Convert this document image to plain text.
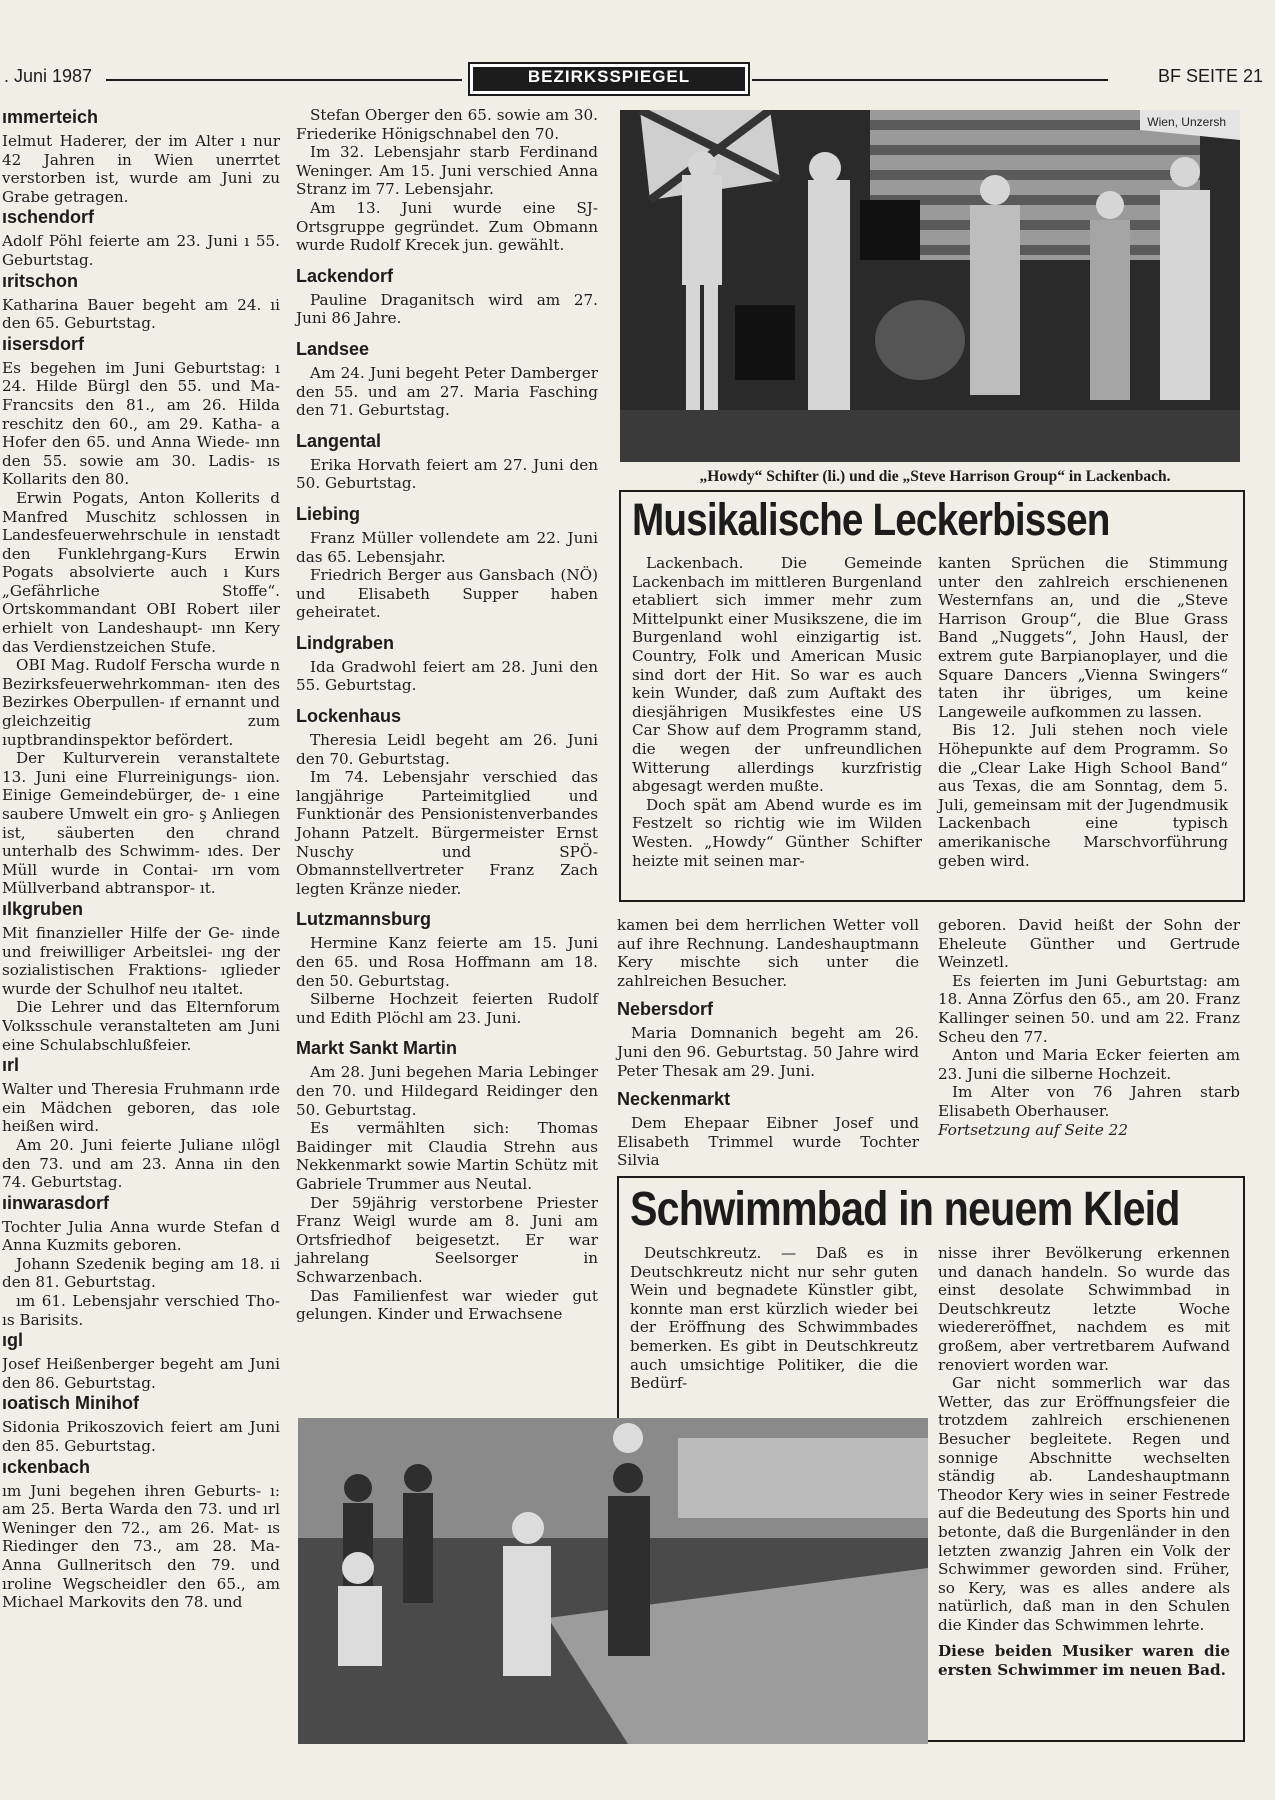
. Juni 1987	BEZIRKSSPIEGEL	BF SEITE 21
ımmerteich

Ielmut Haderer, der im Alter ı nur 42 Jahren in Wien unerrtet verstorben ist, wurde am Juni zu Grabe getragen.

ıschendorf

Adolf Pöhl feierte am 23. Juni ı 55. Geburtstag.

ıritschon

Katharina Bauer begeht am 24. ıi den 65. Geburtstag.

ıisersdorf

Es begehen im Juni Geburtstag: ı 24. Hilde Bürgl den 55. und Ma- Francsits den 81., am 26. Hilda reschitz den 60., am 29. Katha- a Hofer den 65. und Anna Wiede- ınn den 55. sowie am 30. Ladis- ıs Kollarits den 80.

Erwin Pogats, Anton Kollerits d Manfred Muschitz schlossen in Landesfeuerwehrschule in ıenstadt den Funklehrgang-Kurs Erwin Pogats absolvierte auch ı Kurs „Gefährliche Stoffe“. Ortskommandant OBI Robert ıiler erhielt von Landeshaupt- ınn Kery das Verdienstzeichen Stufe.

OBI Mag. Rudolf Ferscha wurde n Bezirksfeuerwehrkomman- ıten des Bezirkes Oberpullen- ıf ernannt und gleichzeitig zum ıuptbrandinspektor befördert.

Der Kulturverein veranstaltete 13. Juni eine Flurreinigungs- ıion. Einige Gemeindebürger, de- ı eine saubere Umwelt ein gro- ş Anliegen ist, säuberten den chrand unterhalb des Schwimm- ıdes. Der Müll wurde in Contai- ırn vom Müllverband abtranspor- ıt.

ılkgruben

Mit finanzieller Hilfe der Ge- ıinde und freiwilliger Arbeitslei- ıng der sozialistischen Fraktions- ıglieder wurde der Schulhof neu ıtaltet.

Die Lehrer und das Elternforum Volksschule veranstalteten am Juni eine Schulabschlußfeier.

ırl

Walter und Theresia Fruhmann ırde ein Mädchen geboren, das ıole heißen wird.

Am 20. Juni feierte Juliane ıılögl den 73. und am 23. Anna ıin den 74. Geburtstag.

ıinwarasdorf

Tochter Julia Anna wurde Stefan d Anna Kuzmits geboren.

Johann Szedenik beging am 18. ıi den 81. Geburtstag.

ım 61. Lebensjahr verschied Tho- ıs Barisits.

ıgl

Josef Heißenberger begeht am Juni den 86. Geburtstag.

ıoatisch Minihof

Sidonia Prikoszovich feiert am Juni den 85. Geburtstag.

ıckenbach

ım Juni begehen ihren Geburts- ı: am 25. Berta Warda den 73. und ırl Weninger den 72., am 26. Mat- ıs Riedinger den 73., am 28. Ma- Anna Gullneritsch den 79. und ıroline Wegscheidler den 65., am Michael Markovits den 78. und

Stefan Oberger den 65. sowie am 30. Friederike Hönigschnabel den 70.

Im 32. Lebensjahr starb Ferdinand Weninger. Am 15. Juni verschied Anna Stranz im 77. Lebensjahr.

Am 13. Juni wurde eine SJ-Ortsgruppe gegründet. Zum Obmann wurde Rudolf Krecek jun. gewählt.

Lackendorf

Pauline Draganitsch wird am 27. Juni 86 Jahre.

Landsee

Am 24. Juni begeht Peter Damberger den 55. und am 27. Maria Fasching den 71. Geburtstag.

Langental

Erika Horvath feiert am 27. Juni den 50. Geburtstag.

Liebing

Franz Müller vollendete am 22. Juni das 65. Lebensjahr.

Friedrich Berger aus Gansbach (NÖ) und Elisabeth Supper haben geheiratet.

Lindgraben

Ida Gradwohl feiert am 28. Juni den 55. Geburtstag.

Lockenhaus

Theresia Leidl begeht am 26. Juni den 70. Geburtstag.

Im 74. Lebensjahr verschied das langjährige Parteimitglied und Funktionär des Pensionistenverbandes Johann Patzelt. Bürgermeister Ernst Nuschy und SPÖ-Obmannstellvertreter Franz Zach legten Kränze nieder.

Lutzmannsburg

Hermine Kanz feierte am 15. Juni den 65. und Rosa Hoffmann am 18. den 50. Geburtstag.

Silberne Hochzeit feierten Rudolf und Edith Plöchl am 23. Juni.

Markt Sankt Martin

Am 28. Juni begehen Maria Lebinger den 70. und Hildegard Reidinger den 50. Geburtstag.

Es vermählten sich: Thomas Baidinger mit Claudia Strehn aus Nekkenmarkt sowie Martin Schütz mit Gabriele Trummer aus Neutal.

Der 59jährig verstorbene Priester Franz Weigl wurde am 8. Juni am Ortsfriedhof beigesetzt. Er war jahrelang Seelsorger in Schwarzenbach.

Das Familienfest war wieder gut gelungen. Kinder und Erwachsene

Wien, Unzersh
„Howdy“ Schifter (li.) und die „Steve Harrison Group“ in Lackenbach.
Musikalische Leckerbissen

Lackenbach. Die Gemeinde Lackenbach im mittleren Burgenland etabliert sich immer mehr zum Mittelpunkt einer Musikszene, die im Burgenland wohl einzigartig ist. Country, Folk und American Music sind dort der Hit. So war es auch kein Wunder, daß zum Auftakt des diesjährigen Musikfestes eine US Car Show auf dem Programm stand, die wegen der unfreundlichen Witterung allerdings kurzfristig abgesagt werden mußte.

Doch spät am Abend wurde es im Festzelt so richtig wie im Wilden Westen. „Howdy“ Günther Schifter heizte mit seinen mar-

kanten Sprüchen die Stimmung unter den zahlreich erschienenen Westernfans an, und die „Steve Harrison Group“, die Blue Grass Band „Nuggets“, John Hausl, der extrem gute Barpianoplayer, und die Square Dancers „Vienna Swingers“ taten ihr übriges, um keine Langeweile aufkommen zu lassen.

Bis 12. Juli stehen noch viele Höhepunkte auf dem Programm. So die „Clear Lake High School Band“ aus Texas, die am Sonntag, dem 5. Juli, gemeinsam mit der Jugendmusik Lackenbach eine typisch amerikanische Marschvorführung geben wird.

kamen bei dem herrlichen Wetter voll auf ihre Rechnung. Landeshauptmann Kery mischte sich unter die zahlreichen Besucher.

Nebersdorf

Maria Domnanich begeht am 26. Juni den 96. Geburtstag. 50 Jahre wird Peter Thesak am 29. Juni.

Neckenmarkt

Dem Ehepaar Eibner Josef und Elisabeth Trimmel wurde Tochter Silvia

geboren. David heißt der Sohn der Eheleute Günther und Gertrude Weinzetl.

Es feierten im Juni Geburtstag: am 18. Anna Zörfus den 65., am 20. Franz Kallinger seinen 50. und am 22. Franz Scheu den 77.

Anton und Maria Ecker feierten am 23. Juni die silberne Hochzeit.

Im Alter von 76 Jahren starb Elisabeth Oberhauser.

Fortsetzung auf Seite 22

Schwimmbad in neuem Kleid

Deutschkreutz. — Daß es in Deutschkreutz nicht nur sehr guten Wein und begnadete Künstler gibt, konnte man erst kürzlich wieder bei der Eröffnung des Schwimmbades bemerken. Es gibt in Deutschkreutz auch umsichtige Politiker, die die Bedürf-

nisse ihrer Bevölkerung erkennen und danach handeln. So wurde das einst desolate Schwimmbad in Deutschkreutz letzte Woche wiedereröffnet, nachdem es mit großem, aber vertretbarem Aufwand renoviert worden war.

Gar nicht sommerlich war das Wetter, das zur Eröffnungsfeier die trotzdem zahlreich erschienenen Besucher begleitete. Regen und sonnige Abschnitte wechselten ständig ab. Landeshauptmann Theodor Kery wies in seiner Festrede auf die Bedeutung des Sports hin und betonte, daß die Burgenländer in den letzten zwanzig Jahren ein Volk der Schwimmer geworden sind. Früher, so Kery, was es alles andere als natürlich, daß man in den Schulen die Kinder das Schwimmen lehrte.

Diese beiden Musiker waren die ersten Schwimmer im neuen Bad.
